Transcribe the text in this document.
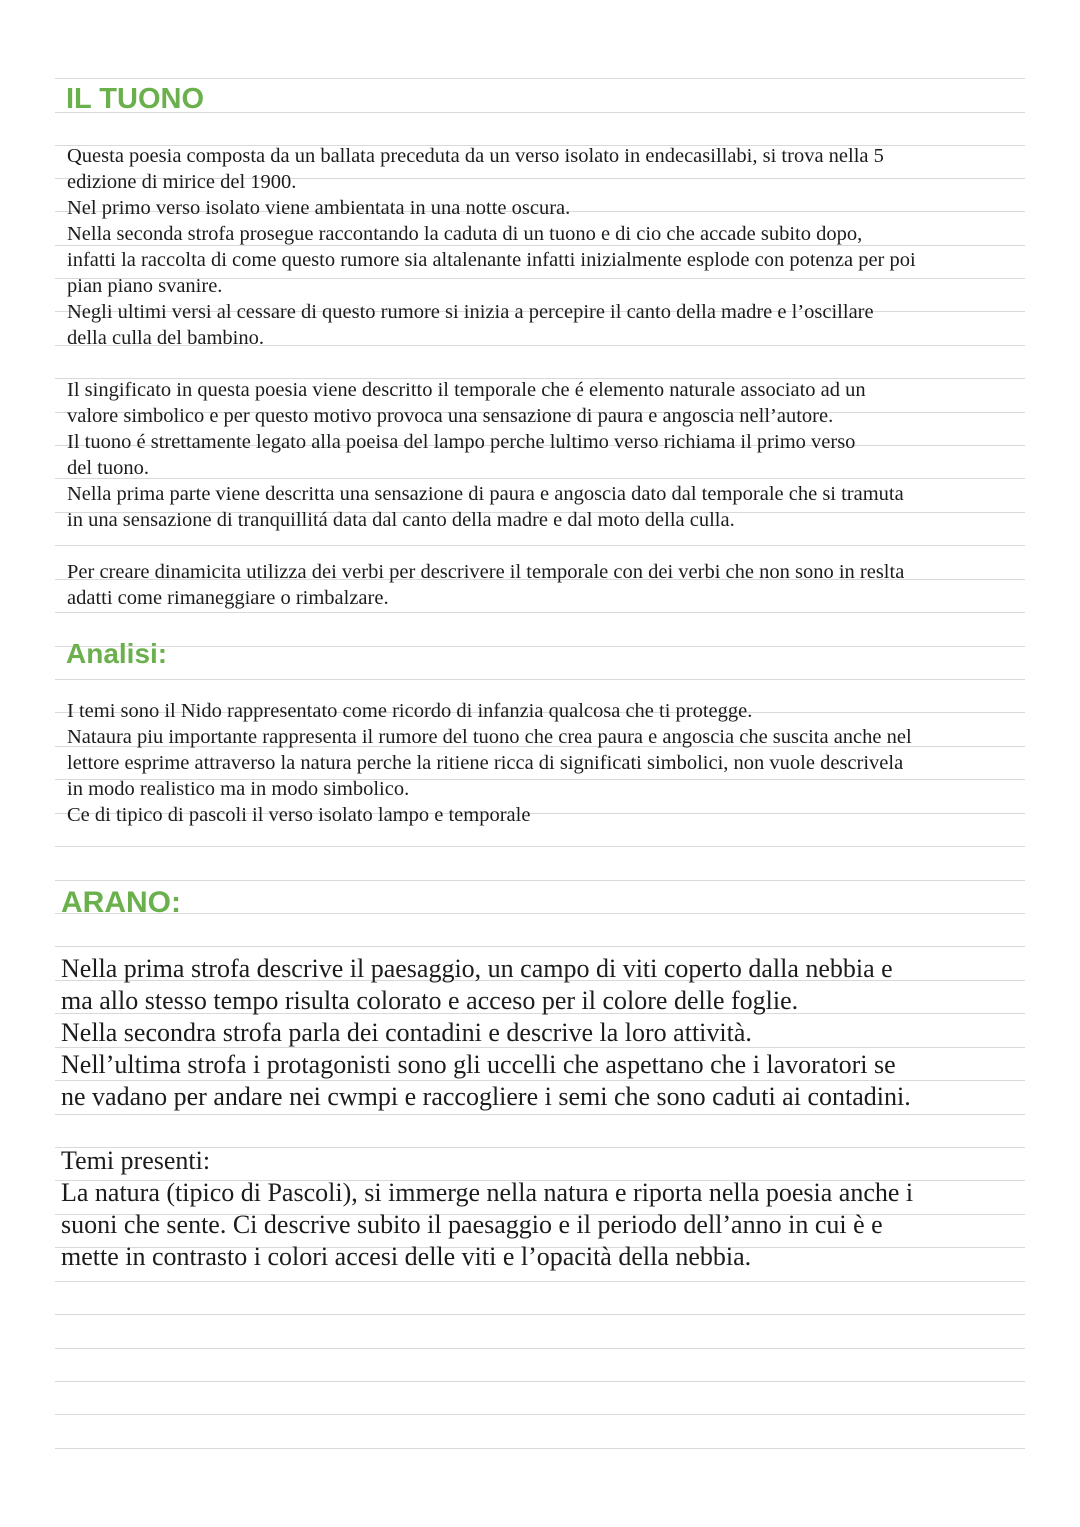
IL TUONO
Questa poesia composta da un ballata preceduta da un verso isolato in endecasillabi, si trova nella 5
edizione di mirice del 1900.
Nel primo verso isolato viene ambientata in una notte oscura.
Nella seconda strofa prosegue raccontando la caduta di un tuono e di cio che accade subito dopo,
infatti la raccolta di come questo rumore sia altalenante infatti inizialmente esplode con potenza per poi
pian piano svanire.
Negli ultimi versi al cessare di questo rumore si inizia a percepire il canto della madre e l’oscillare
della culla del bambino.
Il singificato in questa poesia viene descritto il temporale che é elemento naturale associato ad un
valore simbolico e per questo motivo provoca una sensazione di paura e angoscia nell’autore.
Il tuono é strettamente legato alla poeisa del lampo perche lultimo verso richiama il primo verso
del tuono.
Nella prima parte viene descritta una sensazione di paura e angoscia dato dal temporale che si tramuta
in una sensazione di tranquillitá data dal canto della madre e dal moto della culla.
Per creare dinamicita utilizza dei verbi per descrivere il temporale con dei verbi che non sono in reslta
adatti come rimaneggiare o rimbalzare.
Analisi:
I temi sono il Nido rappresentato come ricordo di infanzia qualcosa che ti protegge.
Nataura piu importante rappresenta il rumore del tuono che crea paura e angoscia che suscita anche nel
lettore esprime attraverso la natura perche la ritiene ricca di significati simbolici, non vuole descrivela
in modo realistico ma in modo simbolico.
Ce di tipico di pascoli il verso isolato lampo e temporale
ARANO:
Nella prima strofa descrive il paesaggio, un campo di viti coperto dalla nebbia e
ma allo stesso tempo risulta colorato e acceso per il colore delle foglie.
Nella secondra strofa parla dei contadini e descrive la loro attività.
Nell’ultima strofa i protagonisti sono gli uccelli che aspettano che i lavoratori se
ne vadano per andare nei cwmpi e raccogliere i semi che sono caduti ai contadini.
Temi presenti:
La natura (tipico di Pascoli), si immerge nella natura e riporta nella poesia anche i
suoni che sente. Ci descrive subito il paesaggio e il periodo dell’anno in cui è e
mette in contrasto i colori accesi delle viti e l’opacità della nebbia.
